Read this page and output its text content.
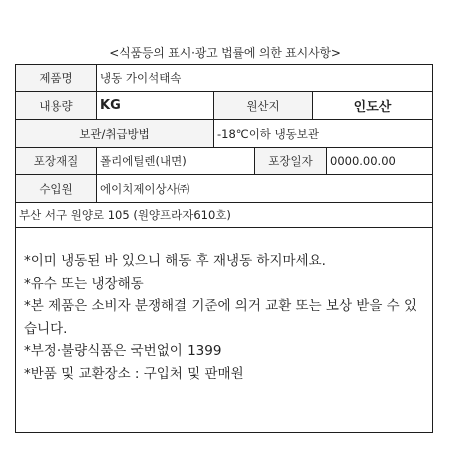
<식품등의 표시·광고 법률에 의한 표시사항>
제품명	냉동 가이석태속
내용량	KG	원산지	인도산
보관/취급방법	-18℃이하 냉동보관
포장재질	폴리에틸렌(내면)	포장일자	0000.00.00
수입원	에이치제이상사㈜
부산 서구 원양로 105 (원양프라자610호)

*이미 냉동된 바 있으니 해동 후 재냉동 하지마세요.

*유수 또는 냉장해동

*본 제품은 소비자 분쟁해결 기준에 의거 교환 또는 보상 받을 수 있습니다.

*부정·불량식품은 국번없이 1399

*반품 및 교환장소 : 구입처 및 판매원
